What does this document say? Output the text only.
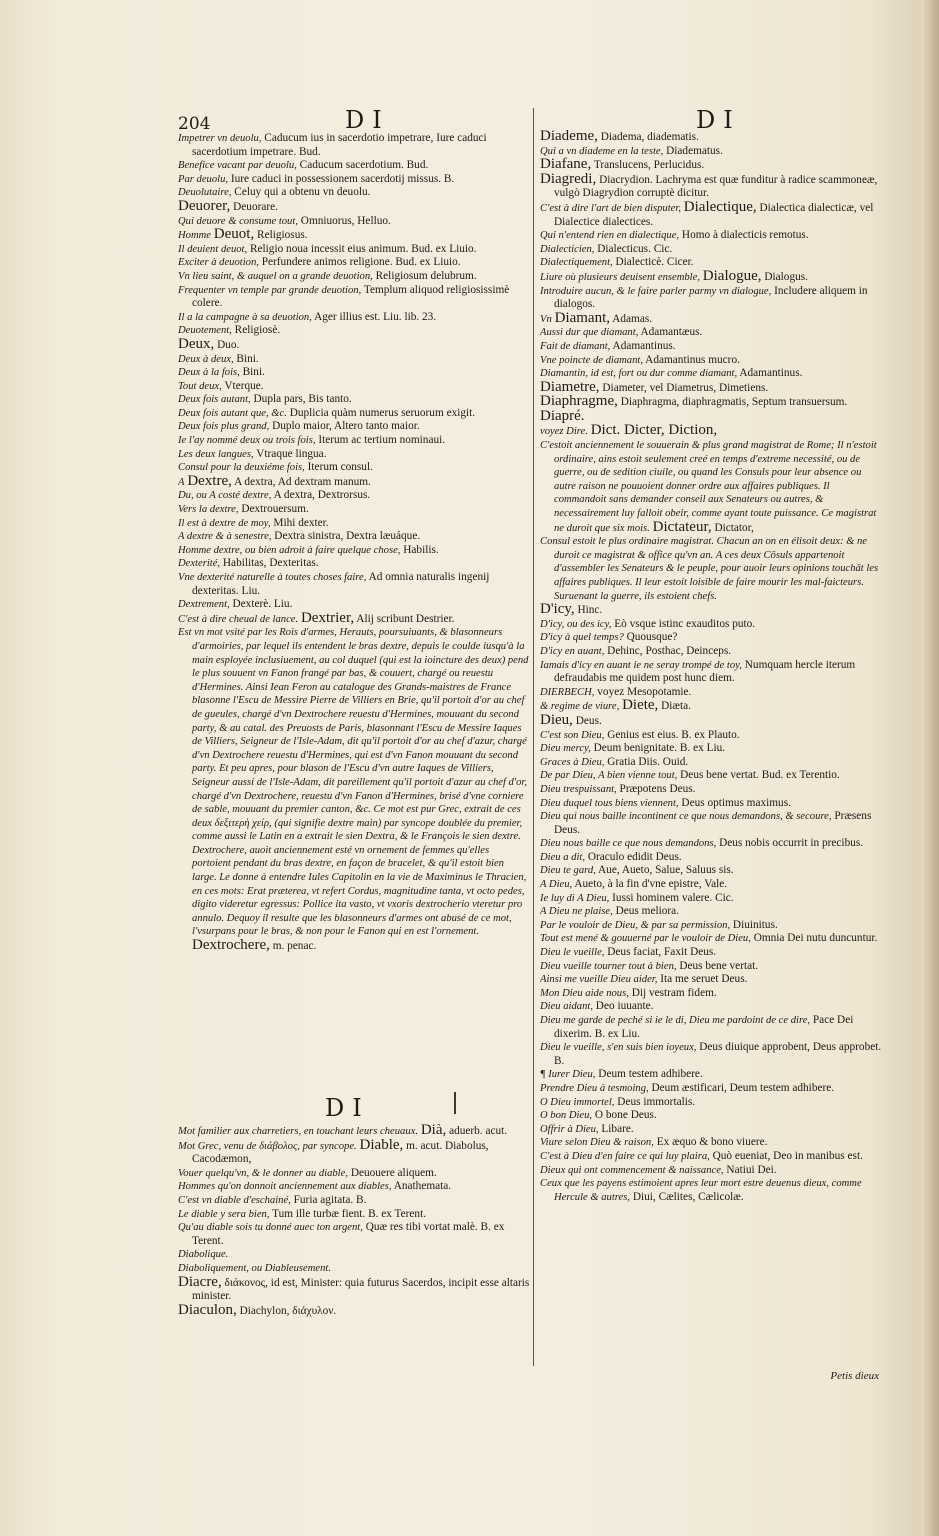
204	DI	DI

Impetrer vn deuolu, Caducum ius in sacerdotio impetrare, Iure caduci sacerdotium impetrare. Bud.

Benefice vacant par deuolu, Caducum sacerdotium. Bud.

Par deuolu, Iure caduci in possessionem sacerdotij missus. B.

Deuolutaire, Celuy qui a obtenu vn deuolu.

Deuorer, Deuorare.

Qui deuore & consume tout, Omniuorus, Helluo.

Homme Deuot, Religiosus.

Il deuient deuot, Religio noua incessit eius animum. Bud. ex Liuio.

Exciter à deuotion, Perfundere animos religione. Bud. ex Liuio.

Vn lieu saint, & auquel on a grande deuotion, Religiosum delubrum.

Frequenter vn temple par grande deuotion, Templum aliquod religiosissimè colere.

Il a la campagne à sa deuotion, Ager illius est. Liu. lib. 23.

Deuotement, Religiosè.

Deux, Duo.

Deux à deux, Bini.

Deux à la fois, Bini.

Tout deux, Vterque.

Deux fois autant, Dupla pars, Bis tanto.

Deux fois autant que, &c. Duplicia quàm numerus seruorum exigit.

Deux fois plus grand, Duplo maior, Altero tanto maior.

Ie l'ay nommé deux ou trois fois, Iterum ac tertium nominaui.

Les deux langues, Vtraque lingua.

Consul pour la deuxiéme fois, Iterum consul.

A Dextre, A dextra, Ad dextram manum.

Du, ou A costé dextre, A dextra, Dextrorsus.

Vers la dextre, Dextrouersum.

Il est à dextre de moy, Mihi dexter.

A dextre & à senestre, Dextra sinistra, Dextra læuáque.

Homme dextre, ou bien adroit à faire quelque chose, Habilis.

Dexterité, Habilitas, Dexteritas.

Vne dexterité naturelle à toutes choses faire, Ad omnia naturalis ingenij dexteritas. Liu.

Dextrement, Dexterè. Liu.

C'est à dire cheual de lance. Dextrier, Alij scribunt Destrier.

Est vn mot vsité par les Rois d'armes, Herauts, poursuiuants, & blasonneurs d'armoiries, par lequel ils entendent le bras dextre, depuis le coulde iusqu'à la main esployée inclusiuement, au col duquel (qui est la ioincture des deux) pend le plus souuent vn Fanon frangé par bas, & couuert, chargé ou reuestu d'Hermines. Ainsi Iean Feron au catalogue des Grands-maistres de France blasonne l'Escu de Messire Pierre de Villiers en Brie, qu'il portoit d'or au chef de gueules, chargé d'vn Dextrochere reuestu d'Hermines, mouuant du second party, & au catal. des Preuosts de Paris, blasonnant l'Escu de Messire Iaques de Villiers, Seigneur de l'Isle-Adam, dit qu'il portoit d'or au chef d'azur, chargé d'vn Dextrochere reuestu d'Hermines, qui est d'vn Fanon mouuant du second party. Et peu apres, pour blason de l'Escu d'vn autre Iaques de Villiers, Seigneur aussi de l'Isle-Adam, dit pareillement qu'il portoit d'azur au chef d'or, chargé d'vn Dextrochere, reuestu d'vn Fanon d'Hermines, brisé d'vne corniere de sable, mouuant du premier canton, &c. Ce mot est pur Grec, extrait de ces deux δεξιτερὴ χείρ, (qui signifie dextre main) par syncope doublée du premier, comme aussi le Latin en a extrait le sien Dextra, & le François le sien dextre. Dextrochere, auoit anciennement esté vn ornement de femmes qu'elles portoient pendant du bras dextre, en façon de bracelet, & qu'il estoit bien large. Le donne à entendre Iules Capitolin en la vie de Maximinus le Thracien, en ces mots: Erat præterea, vt refert Cordus, magnitudine tanta, vt octo pedes, digito videretur egressus: Pollice ita vasto, vt vxoris dextrocherio vteretur pro annulo. Dequoy il resulte que les blasonneurs d'armes ont abusé de ce mot, l'vsurpans pour le bras, & non pour le Fanon qui en est l'ornement. Dextrochere, m. penac.

DI

Mot familier aux charretiers, en touchant leurs cheuaux. Dià, aduerb. acut.

Mot Grec, venu de διάβολος, par syncope. Diable, m. acut. Diabolus, Cacodæmon,

Vouer quelqu'vn, & le donner au diable, Deuouere aliquem.

Hommes qu'on donnoit anciennement aux diables, Anathemata.

C'est vn diable d'eschainé, Furia agitata. B.

Le diable y sera bien, Tum ille turbæ fient. B. ex Terent.

Qu'au diable sois tu donné auec ton argent, Quæ res tibi vortat malè. B. ex Terent.

Diabolique.

Diaboliquement, ou Diableusement.

Diacre, διάκονος, id est, Minister: quia futurus Sacerdos, incipit esse altaris minister.

Diaculon, Diachylon, διάχυλον.

Diademe, Diadema, diadematis.

Qui a vn diademe en la teste, Diadematus.

Diafane, Translucens, Perlucidus.

Diagredi, Diacrydion. Lachryma est quæ funditur à radice scammoneæ, vulgò Diagrydion corruptè dicitur.

C'est à dire l'art de bien disputer, Dialectique, Dialectica dialecticæ, vel Dialectice dialectices.

Qui n'entend rien en dialectique, Homo à dialecticis remotus.

Dialecticien, Dialecticus. Cic.

Dialectiquement, Dialecticè. Cicer.

Liure où plusieurs deuisent ensemble, Dialogue, Dialogus.

Introduire aucun, & le faire parler parmy vn dialogue, Includere aliquem in dialogos.

Vn Diamant, Adamas.

Aussi dur que diamant, Adamantæus.

Fait de diamant, Adamantinus.

Vne poincte de diamant, Adamantinus mucro.

Diamantin, id est, fort ou dur comme diamant, Adamantinus.

Diametre, Diameter, vel Diametrus, Dimetiens.

Diaphragme, Diaphragma, diaphragmatis, Septum transuersum.

Diapré.

voyez Dire. Dict. Dicter, Diction,

C'estoit anciennement le souuerain & plus grand magistrat de Rome; Il n'estoit ordinaire, ains estoit seulement creé en temps d'extreme necessité, ou de guerre, ou de sedition ciuile, ou quand les Consuls pour leur absence ou autre raison ne pouuoient donner ordre aux affaires publiques. Il commandoit sans demander conseil aux Senateurs ou autres, & necessairement luy falloit obeir, comme ayant toute puissance. Ce magistrat ne duroit que six mois. Dictateur, Dictator,

Consul estoit le plus ordinaire magistrat. Chacun an on en élisoit deux: & ne duroit ce magistrat & office qu'vn an. A ces deux Cōsuls appartenoit d'assembler les Senateurs & le peuple, pour auoir leurs opinions touchāt les affaires publiques. Il leur estoit loisible de faire mourir les mal-faicteurs. Suruenant la guerre, ils estoient chefs.

D'icy, Hinc.

D'icy, ou des icy, Eò vsque istinc exauditos puto.

D'icy à quel temps? Quousque?

D'icy en auant, Dehinc, Posthac, Deinceps.

Iamais d'icy en auant ie ne seray trompé de toy, Numquam hercle iterum defraudabis me quidem post hunc diem.

DIERBECH, voyez Mesopotamie.

& regime de viure, Diete, Diæta.

Dieu, Deus.

C'est son Dieu, Genius est eius. B. ex Plauto.

Dieu mercy, Deum benignitate. B. ex Liu.

Graces à Dieu, Gratia Diis. Ouid.

De par Dieu, A bien vienne tout, Deus bene vertat. Bud. ex Terentio.

Dieu trespuissant, Præpotens Deus.

Dieu duquel tous biens viennent, Deus optimus maximus.

Dieu qui nous baille incontinent ce que nous demandons, & secoure, Præsens Deus.

Dieu nous baille ce que nous demandons, Deus nobis occurrit in precibus.

Dieu a dit, Oraculo edidit Deus.

Dieu te gard, Aue, Aueto, Salue, Saluus sis.

A Dieu, Aueto, à la fin d'vne epistre, Vale.

Ie luy di A Dieu, Iussi hominem valere. Cic.

A Dieu ne plaise, Deus meliora.

Par le vouloir de Dieu, & par sa permission, Diuinitus.

Tout est mené & gouuerné par le vouloir de Dieu, Omnia Dei nutu duncuntur.

Dieu le vueille, Deus faciat, Faxit Deus.

Dieu vueille tourner tout à bien, Deus bene vertat.

Ainsi me vueille Dieu aider, Ita me seruet Deus.

Mon Dieu aide nous, Dij vestram fidem.

Dieu aidant, Deo iuuante.

Dieu me garde de peché si ie le di, Dieu me pardoint de ce dire, Pace Dei dixerim. B. ex Liu.

Dieu le vueille, s'en suis bien ioyeux, Deus diuique approbent, Deus approbet. B.

¶ Iurer Dieu, Deum testem adhibere.

Prendre Dieu à tesmoing, Deum æstificari, Deum testem adhibere.

O Dieu immortel, Deus immortalis.

O bon Dieu, O bone Deus.

Offrir à Dieu, Libare.

Viure selon Dieu & raison, Ex æquo & bono viuere.

C'est à Dieu d'en faire ce qui luy plaira, Quò eueniat, Deo in manibus est.

Dieux qui ont commencement & naissance, Natiui Dei.

Ceux que les payens estimoient apres leur mort estre deuenus dieux, comme Hercule & autres, Diui, Cælites, Cælicolæ.

Petis dieux
